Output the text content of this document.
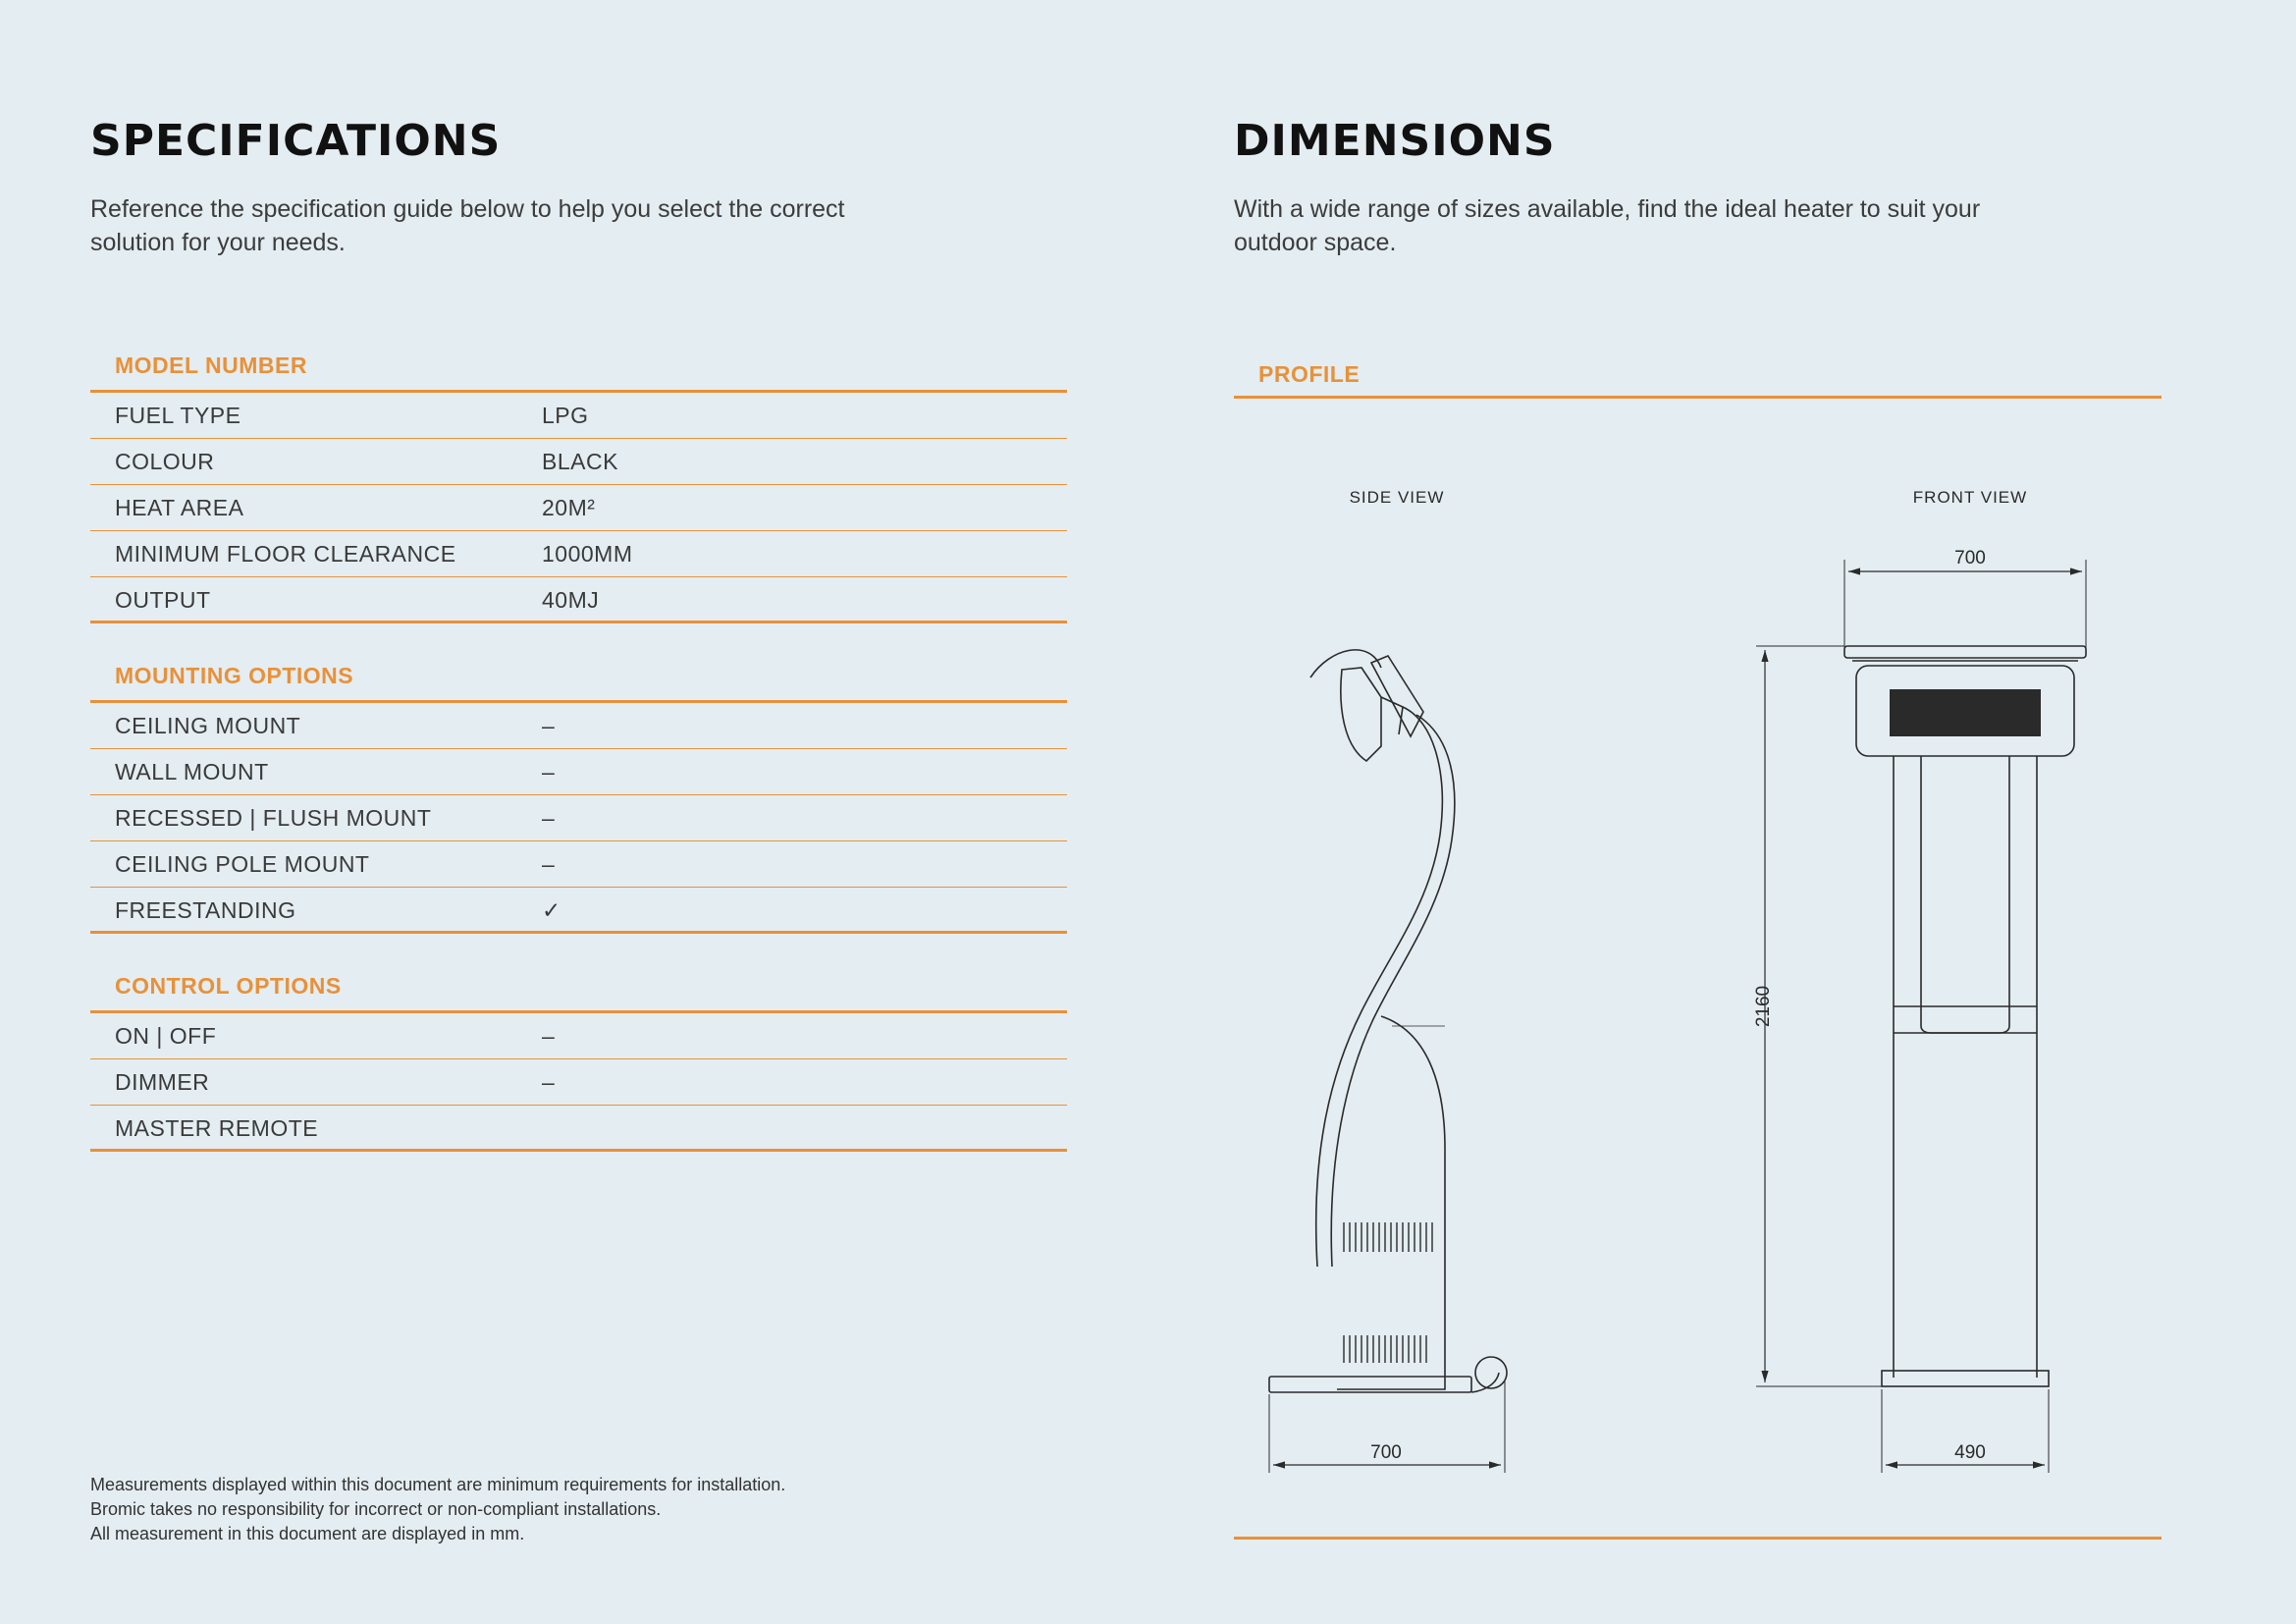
SPECIFICATIONS

Reference the specification guide below to help you select the correct solution for your needs.

MODEL NUMBER
FUEL TYPE	LPG
COLOUR	BLACK
HEAT AREA	20M²
MINIMUM FLOOR CLEARANCE	1000MM
OUTPUT	40MJ
MOUNTING OPTIONS
CEILING MOUNT	–
WALL MOUNT	–
RECESSED | FLUSH MOUNT	–
CEILING POLE MOUNT	–
FREESTANDING	✓
CONTROL OPTIONS
ON | OFF	–
DIMMER	–
MASTER REMOTE
Measurements displayed within this document are minimum requirements for installation.
Bromic takes no responsibility for incorrect or non-compliant installations.
All measurement in this document are displayed in mm.
DIMENSIONS

With a wide range of sizes available, find the ideal heater to suit your outdoor space.

PROFILE
SIDE VIEW	FRONT VIEW
700
700
2160
490
